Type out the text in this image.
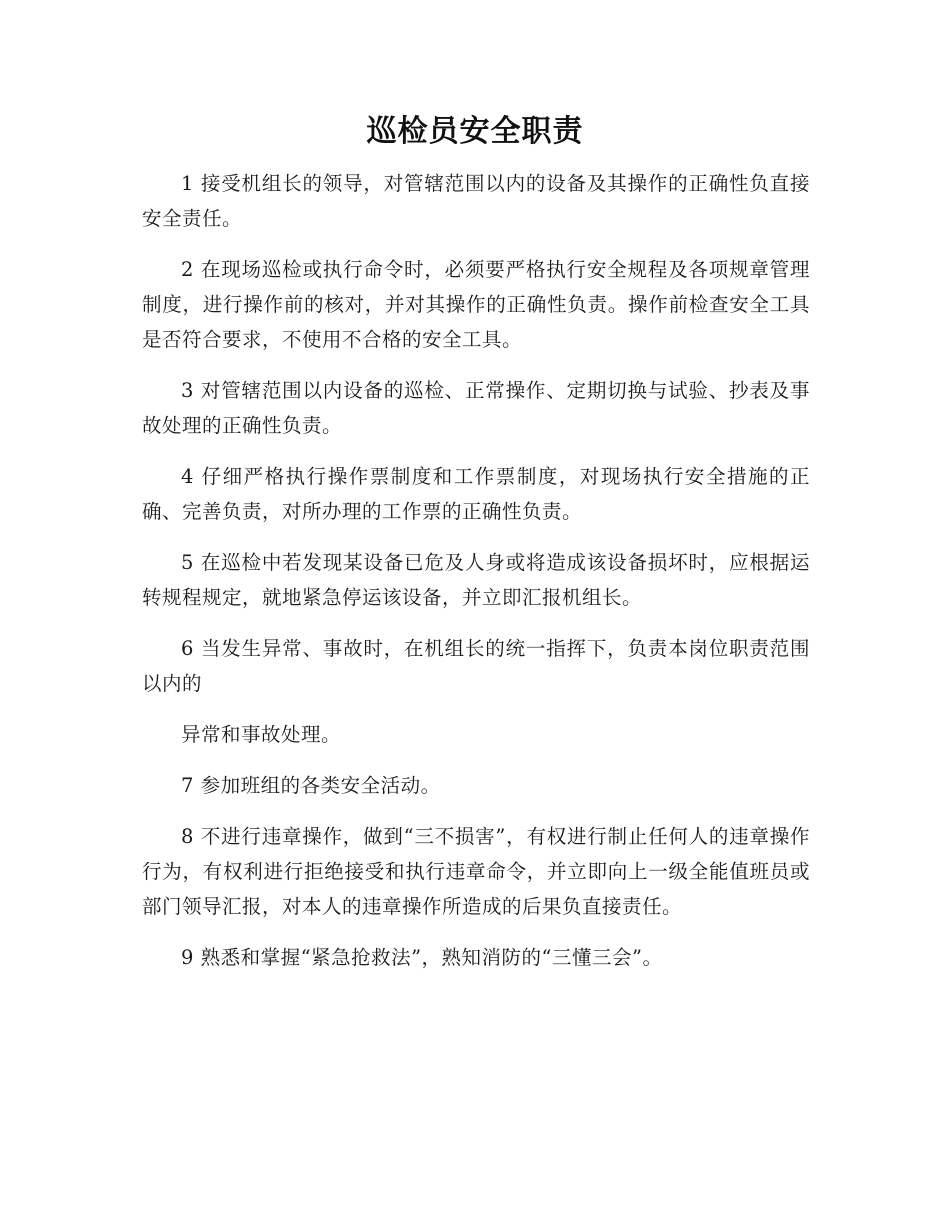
巡检员安全职责

1 接受机组长的领导，对管辖范围以内的设备及其操作的正确性负直接安全责任。

2 在现场巡检或执行命令时，必须要严格执行安全规程及各项规章管理制度，进行操作前的核对，并对其操作的正确性负责。操作前检查安全工具是否符合要求，不使用不合格的安全工具。

3 对管辖范围以内设备的巡检、正常操作、定期切换与试验、抄表及事故处理的正确性负责。

4 仔细严格执行操作票制度和工作票制度，对现场执行安全措施的正确、完善负责，对所办理的工作票的正确性负责。

5 在巡检中若发现某设备已危及人身或将造成该设备损坏时，应根据运转规程规定，就地紧急停运该设备，并立即汇报机组长。

6 当发生异常、事故时，在机组长的统一指挥下，负责本岗位职责范围以内的

异常和事故处理。

7 参加班组的各类安全活动。

8 不进行违章操作，做到“三不损害”，有权进行制止任何人的违章操作行为，有权利进行拒绝接受和执行违章命令，并立即向上一级全能值班员或部门领导汇报，对本人的违章操作所造成的后果负直接责任。

9 熟悉和掌握“紧急抢救法”，熟知消防的“三懂三会”。
